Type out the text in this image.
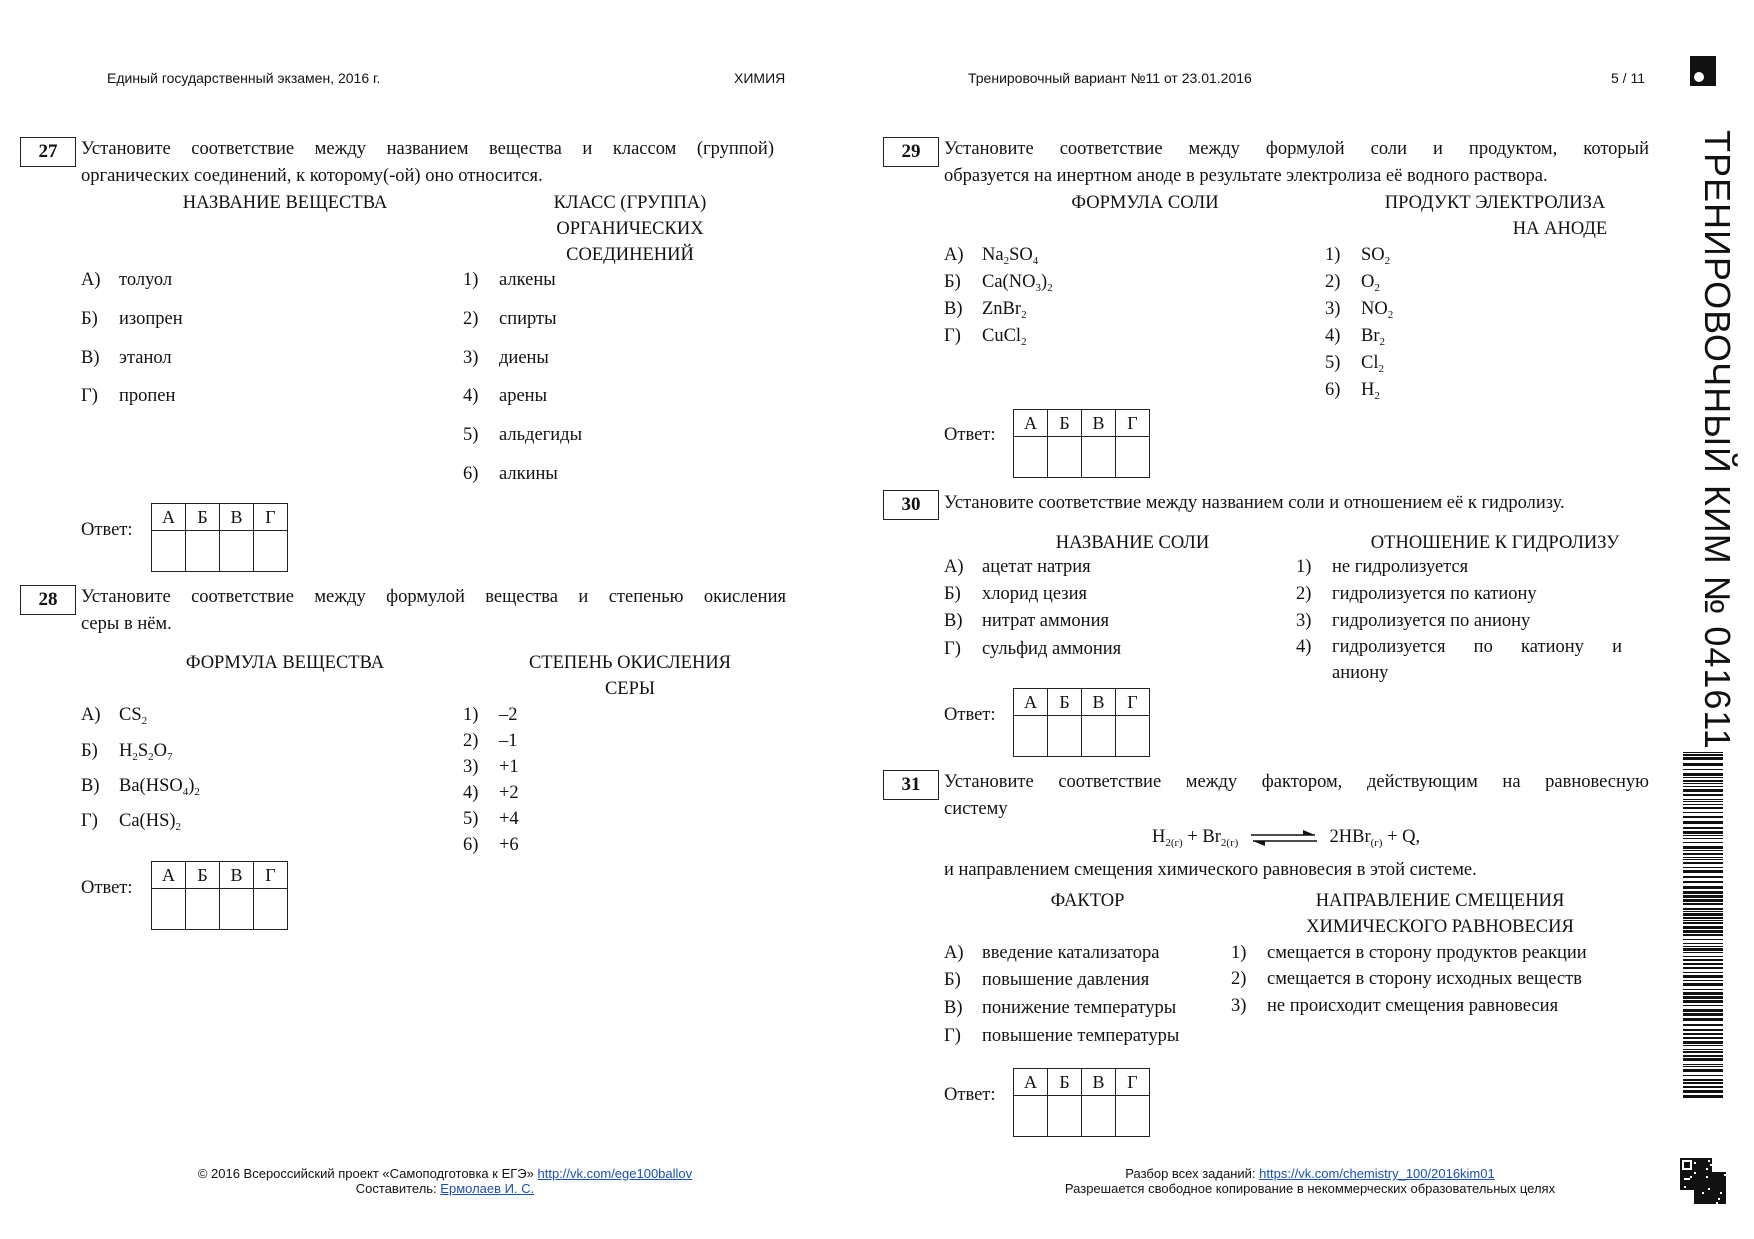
Единый государственный экзамен, 2016 г.	ХИМИЯ	Тренировочный вариант №11 от 23.01.2016	5 / 11
27	Установите соответствие между названием вещества и классом (группой)
органических соединений, к которому(-ой) оно относится.
НАЗВАНИЕ ВЕЩЕСТВА	КЛАСС (ГРУППА)
ОРГАНИЧЕСКИХ
СОЕДИНЕНИЙ
А) толуол
Б) изопрен
В) этанол
Г) пропен
1) алкены
2) спирты
3) диены
4) арены
5) альдегиды
6) алкины
Ответ:
А	Б	В	Г

28	Установите соответствие между формулой вещества и степенью окисления
серы в нём.
ФОРМУЛА ВЕЩЕСТВА	СТЕПЕНЬ ОКИСЛЕНИЯ
СЕРЫ
А) $CS_2$
Б) $H_2S_2O_7$
В) $Ba(HSO_4)_2$
Г) $Ca(HS)_2$
1) –2
2) –1
3) +1
4) +2
5) +4
6) +6
Ответ:
А	Б	В	Г

29	Установите соответствие между формулой соли и продуктом, который
образуется на инертном аноде в результате электролиза её водного раствора.
ФОРМУЛА СОЛИ	ПРОДУКТ ЭЛЕКТРОЛИЗА
НА АНОДЕ
А) $Na_2SO_4$
Б) $Ca(NO_3)_2$
В) ZnBr$_2$
Г) CuCl$_2$
1) $SO_2$
2) $O_2$
3) $NO_2$
4) $Br_2$
5) $Cl_2$
6) $H_2$
Ответ:
А	Б	В	Г

30	Установите соответствие между названием соли и отношением её к гидролизу.
НАЗВАНИЕ СОЛИ	ОТНОШЕНИЕ К ГИДРОЛИЗУ
А) ацетат натрия
Б) хлорид цезия
В) нитрат аммония
Г) сульфид аммония
1) не гидролизуется
2) гидролизуется по катиону
3) гидролизуется по аниону
4) гидролизуется по катиону и
аниону
Ответ:
А	Б	В	Г

31	Установите соответствие между фактором, действующим на равновесную
систему
$H_{2(г)} + Br_{2(г)}$ ⇌ 2HBr$_{(г)}$ + Q,
и направлением смещения химического равновесия в этой системе.
ФАКТОР	НАПРАВЛЕНИЕ СМЕЩЕНИЯ
ХИМИЧЕСКОГО РАВНОВЕСИЯ
А) введение катализатора
Б) повышение давления
В) понижение температуры
Г) повышение температуры
1) смещается в сторону продуктов реакции
2) смещается в сторону исходных веществ
3) не происходит смещения равновесия
Ответ:
А	Б	В	Г

© 2016 Всероссийский проект «Самоподготовка к ЕГЭ» http://vk.com/ege100ballov
Составитель: Ермолаев И. С.
Разбор всех заданий: https://vk.com/chemistry_100/2016kim01
Разрешается свободное копирование в некоммерческих образовательных целях
ТРЕНИРОВОЧНЫЙ КИМ № 041611
